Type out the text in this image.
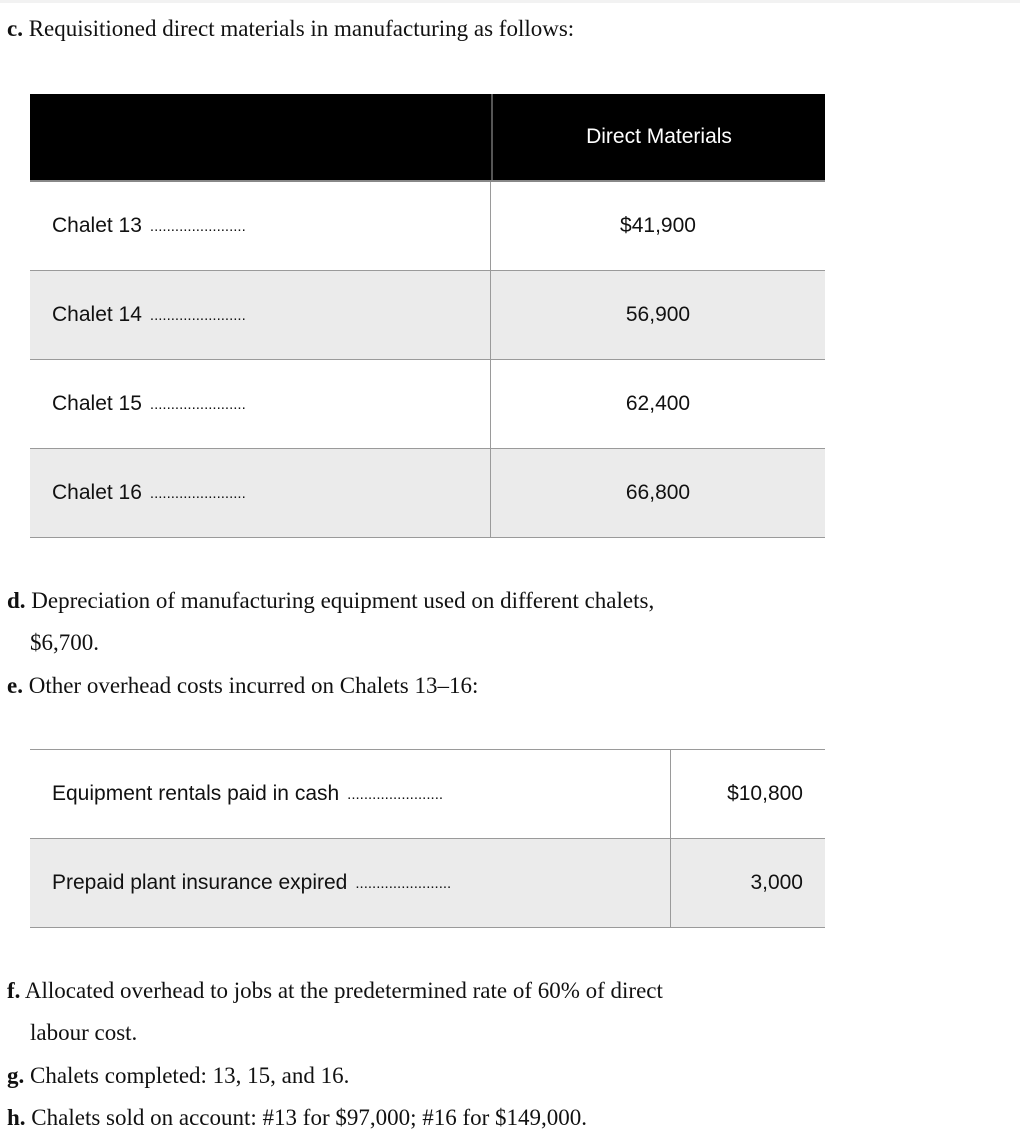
c. Requisitioned direct materials in manufacturing as follows:
Direct Materials
Chalet 13 .......................	$41,900
Chalet 14 .......................	56,900
Chalet 15 .......................	62,400
Chalet 16 .......................	66,800
d. Depreciation of manufacturing equipment used on different chalets,
$6,700.
e. Other overhead costs incurred on Chalets 13–16:
Equipment rentals paid in cash .......................	$10,800
Prepaid plant insurance expired .......................	3,000
f. Allocated overhead to jobs at the predetermined rate of 60% of direct
labour cost.
g. Chalets completed: 13, 15, and 16.
h. Chalets sold on account: #13 for $97,000; #16 for $149,000.
